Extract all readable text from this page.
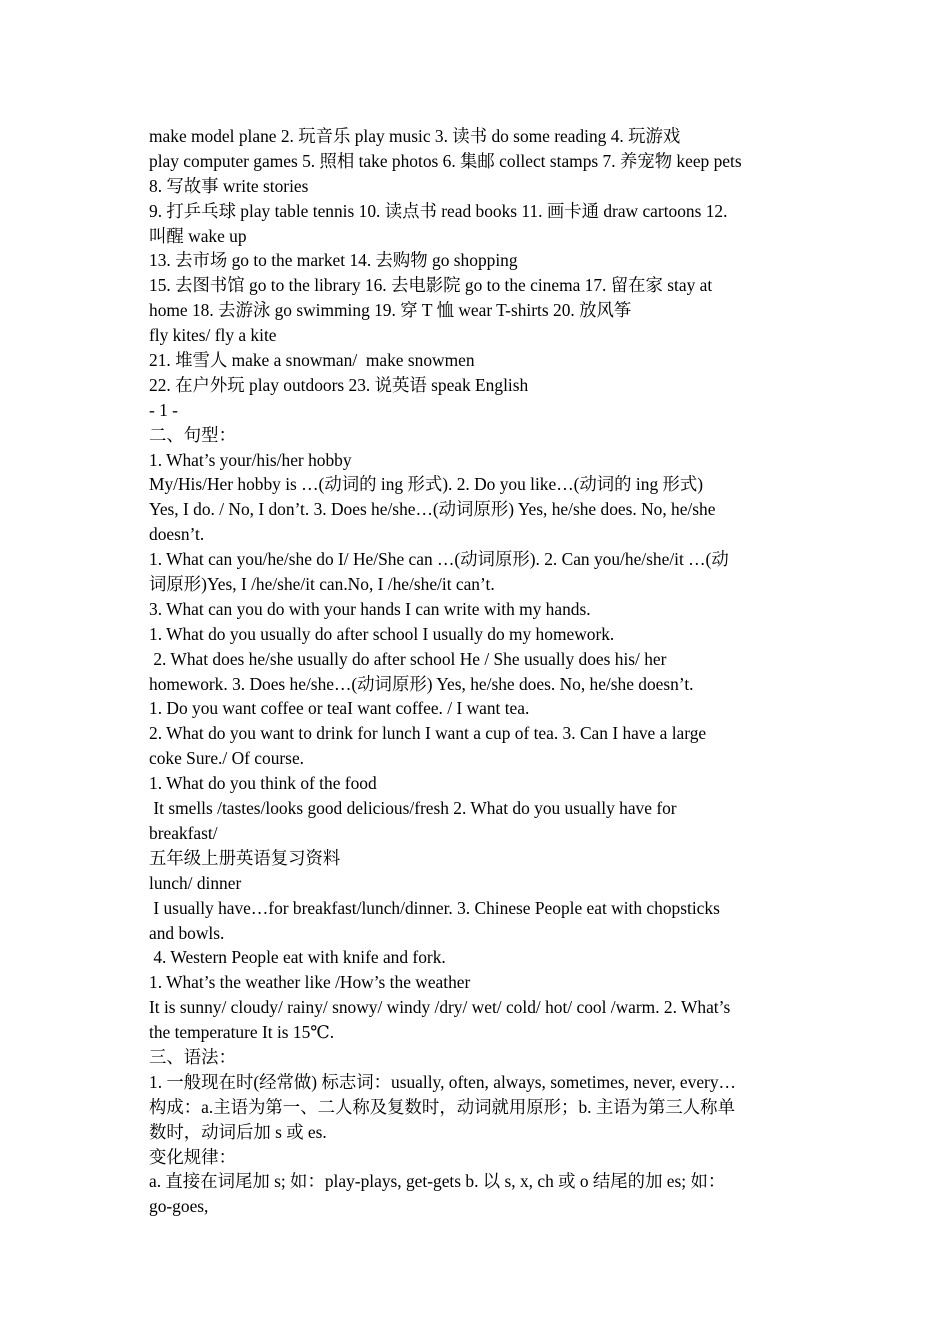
make model plane 2. 玩音乐 play music 3. 读书 do some reading 4. 玩游戏
play computer games 5. 照相 take photos 6. 集邮 collect stamps 7. 养宠物 keep pets
8. 写故事 write stories
9. 打乒乓球 play table tennis 10. 读点书 read books 11. 画卡通 draw cartoons 12.
叫醒 wake up
13. 去市场 go to the market 14. 去购物 go shopping
15. 去图书馆 go to the library 16. 去电影院 go to the cinema 17. 留在家 stay at
home 18. 去游泳 go swimming 19. 穿 T 恤 wear T-shirts 20. 放风筝
fly kites/ fly a kite
21. 堆雪人 make a snowman/  make snowmen
22. 在户外玩 play outdoors 23. 说英语 speak English
- 1 -
二、句型：
1. What’s your/his/her hobby
My/His/Her hobby is …(动词的 ing 形式). 2. Do you like…(动词的 ing 形式)
Yes, I do. / No, I don’t. 3. Does he/she…(动词原形) Yes, he/she does. No, he/she
doesn’t.
1. What can you/he/she do I/ He/She can …(动词原形). 2. Can you/he/she/it …(动
词原形)Yes, I /he/she/it can.No, I /he/she/it can’t.
3. What can you do with your hands I can write with my hands.
1. What do you usually do after school I usually do my homework.
2. What does he/she usually do after school He / She usually does his/ her
homework. 3. Does he/she…(动词原形) Yes, he/she does. No, he/she doesn’t.
1. Do you want coffee or teaI want coffee. / I want tea.
2. What do you want to drink for lunch I want a cup of tea. 3. Can I have a large
coke Sure./ Of course.
1. What do you think of the food
It smells /tastes/looks good delicious/fresh 2. What do you usually have for
breakfast/
五年级上册英语复习资料
lunch/ dinner
I usually have…for breakfast/lunch/dinner. 3. Chinese People eat with chopsticks
and bowls.
4. Western People eat with knife and fork.
1. What’s the weather like /How’s the weather
It is sunny/ cloudy/ rainy/ snowy/ windy /dry/ wet/ cold/ hot/ cool /warm. 2. What’s
the temperature It is 15℃.
三、语法：
1. 一般现在时(经常做) 标志词：usually, often, always, sometimes, never, every…
构成：a.主语为第一、二人称及复数时，动词就用原形；b. 主语为第三人称单
数时，动词后加 s 或 es.
变化规律：
a. 直接在词尾加 s; 如：play-plays, get-gets b. 以 s, x, ch 或 o 结尾的加 es; 如：
go-goes,
